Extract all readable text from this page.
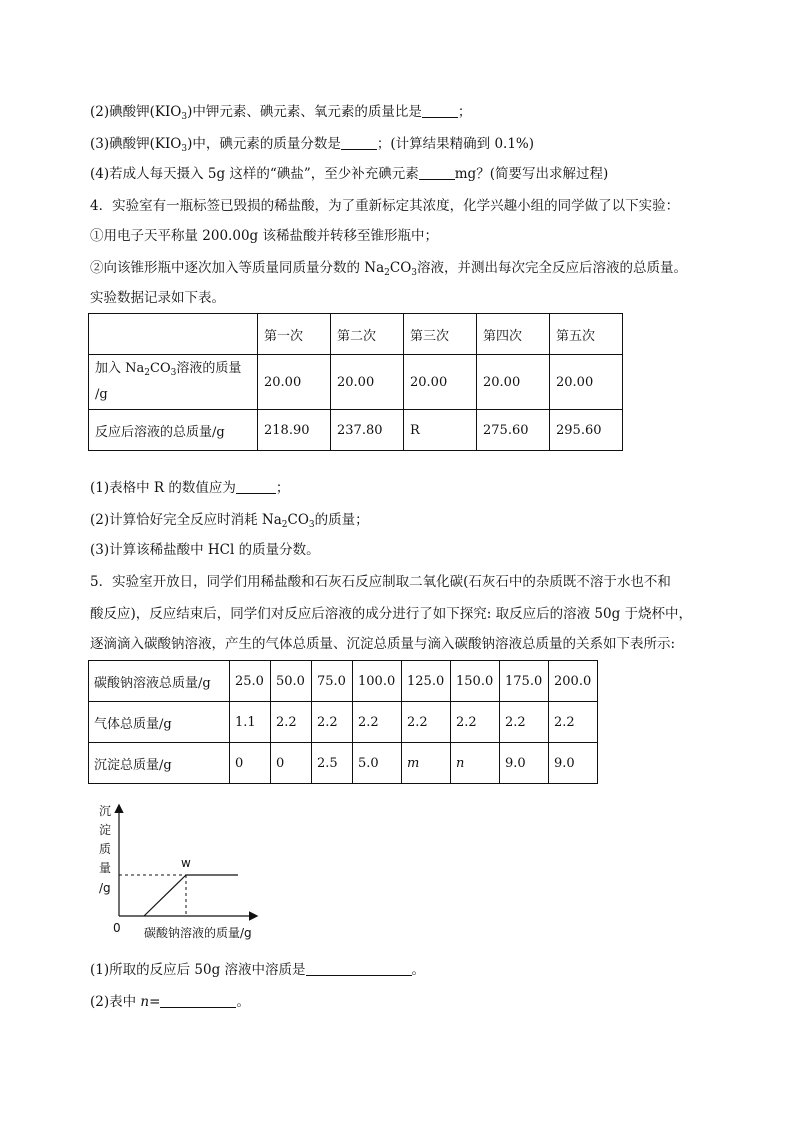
(2)碘酸钾$(KIO_3)$中钾元素、碘元素、氧元素的质量比是	；
(3)碘酸钾$(KIO_3)$中，碘元素的质量分数是	；(计算结果精确到 0.1%)
(4)若成人每天摄入 5g 这样的“碘盐”，至少补充碘元素	mg？(简要写出求解过程)
4．实验室有一瓶标签已毁损的稀盐酸，为了重新标定其浓度，化学兴趣小组的同学做了以下实验：
①用电子天平称量 200.00g 该稀盐酸并转移至锥形瓶中；
②向该锥形瓶中逐次加入等质量同质量分数的 $Na_2CO_3$溶液，并测出每次完全反应后溶液的总质量。
实验数据记录如下表。
	第一次	第二次	第三次	第四次	第五次
加入 $Na_2CO_3$溶液的质量
/g	20.00	20.00	20.00	20.00	20.00
反应后溶液的总质量/g	218.90	237.80	R	275.60	295.60
(1)表格中 R 的数值应为	；
(2)计算恰好完全反应时消耗 $Na_2CO_3$的质量；
(3)计算该稀盐酸中 HCl 的质量分数。
5．实验室开放日，同学们用稀盐酸和石灰石反应制取二氧化碳(石灰石中的杂质既不溶于水也不和
酸反应)，反应结束后，同学们对反应后溶液的成分进行了如下探究: 取反应后的溶液 50g 于烧杯中，
逐滴滴入碳酸钠溶液，产生的气体总质量、沉淀总质量与滴入碳酸钠溶液总质量的关系如下表所示:
碳酸钠溶液总质量/g	25.0	50.0	75.0	100.0	125.0	150.0	175.0	200.0
气体总质量/g	1.1	2.2	2.2	2.2	2.2	2.2	2.2	2.2
沉淀总质量/g	0	0	2.5	5.0	m	n	9.0	9.0
沉
淀
质
量
/g
w
0 碳酸钠溶液的质量/g
(1)所取的反应后 50g 溶液中溶质是	。
(2)表中 n=	。
